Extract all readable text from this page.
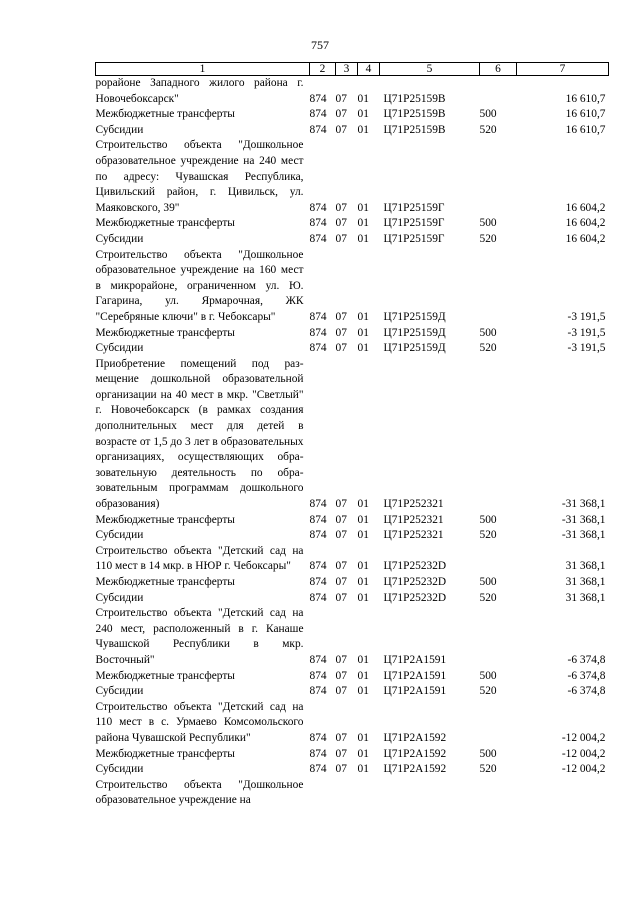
757
1	2	3	4	5	6	7
рорайоне Западного жилого района г. Новочебоксарск"	874	07	01	Ц71Р25159В		16 610,7
Межбюджетные трансферты	874	07	01	Ц71Р25159В	500	16 610,7
Субсидии	874	07	01	Ц71Р25159В	520	16 610,7
Строительство объекта "Дошкольное образовательное учреждение на 240 мест по адресу: Чувашская Республика, Цивильский район, г. Цивильск, ул. Маяковского, 39"	874	07	01	Ц71Р25159Г		16 604,2
Межбюджетные трансферты	874	07	01	Ц71Р25159Г	500	16 604,2
Субсидии	874	07	01	Ц71Р25159Г	520	16 604,2
Строительство объекта "Дошкольное образовательное учреждение на 160 мест в микрорайоне, ограниченном ул. Ю. Гагарина, ул. Ярмарочная, ЖК "Серебряные ключи" в г. Чебоксары"	874	07	01	Ц71Р25159Д		-3 191,5
Межбюджетные трансферты	874	07	01	Ц71Р25159Д	500	-3 191,5
Субсидии	874	07	01	Ц71Р25159Д	520	-3 191,5
Приобретение помещений под размещение дошкольной образовательной организации на 40 мест в мкр. "Светлый" г. Новочебоксарск (в рамках создания дополнительных мест для детей в возрасте от 1,5 до 3 лет в образовательных организациях, осуществляющих образовательную деятельность по образовательным программам дошкольного образования)	874	07	01	Ц71Р252321		-31 368,1
Межбюджетные трансферты	874	07	01	Ц71Р252321	500	-31 368,1
Субсидии	874	07	01	Ц71Р252321	520	-31 368,1
Строительство объекта "Детский сад на 110 мест в 14 мкр. в НЮР г. Чебоксары"	874	07	01	Ц71Р25232D		31 368,1
Межбюджетные трансферты	874	07	01	Ц71Р25232D	500	31 368,1
Субсидии	874	07	01	Ц71Р25232D	520	31 368,1
Строительство объекта "Детский сад на 240 мест, расположенный в г. Канаше Чувашской Республики в мкр. Восточный"	874	07	01	Ц71Р2А1591		-6 374,8
Межбюджетные трансферты	874	07	01	Ц71Р2А1591	500	-6 374,8
Субсидии	874	07	01	Ц71Р2А1591	520	-6 374,8
Строительство объекта "Детский сад на 110 мест в с. Урмаево Комсомольского района Чувашской Республики"	874	07	01	Ц71Р2А1592		-12 004,2
Межбюджетные трансферты	874	07	01	Ц71Р2А1592	500	-12 004,2
Субсидии	874	07	01	Ц71Р2А1592	520	-12 004,2
Строительство объекта "Дошкольное образовательное учреждение на						
